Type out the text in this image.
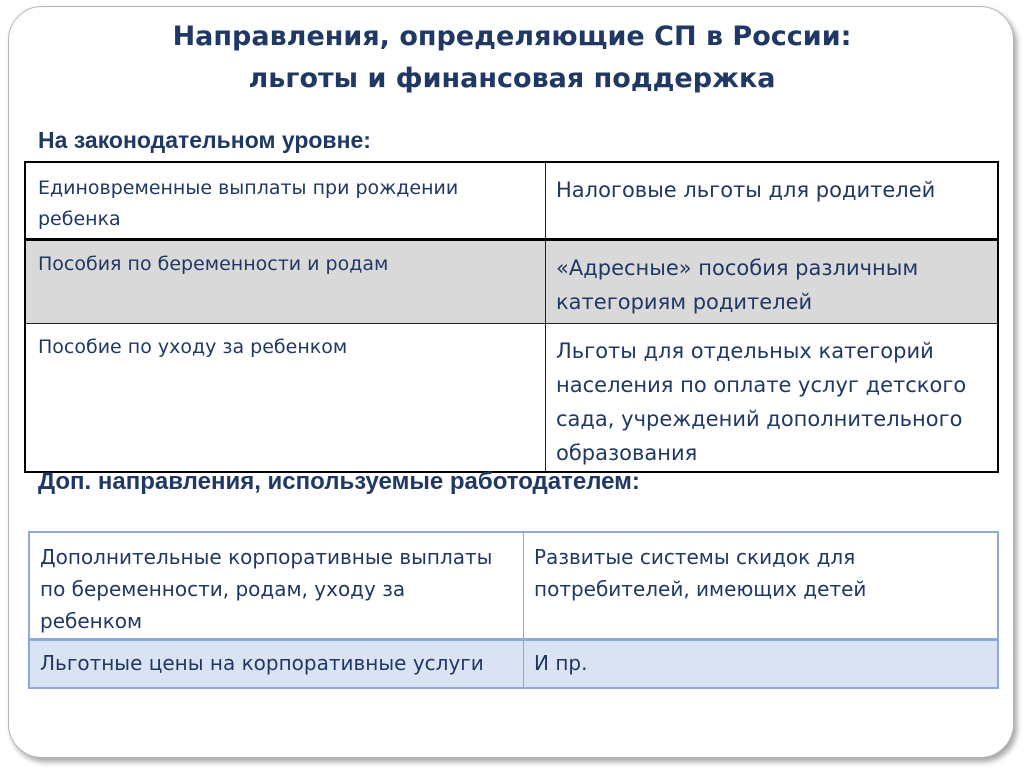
Направления, определяющие СП в России:
льготы и финансовая поддержка
На законодательном уровне:
Единовременные выплаты при рождении ребенка	Налоговые льготы для родителей
Пособия по беременности и родам	«Адресные» пособия различным категориям родителей
Пособие по уходу за ребенком	Льготы для отдельных категорий населения по оплате услуг детского сада, учреждений дополнительного образования
Доп. направления, используемые работодателем:
Дополнительные корпоративные выплаты по беременности, родам, уходу за ребенком	Развитые системы скидок для потребителей, имеющих детей
Льготные цены на корпоративные услуги	И пр.
